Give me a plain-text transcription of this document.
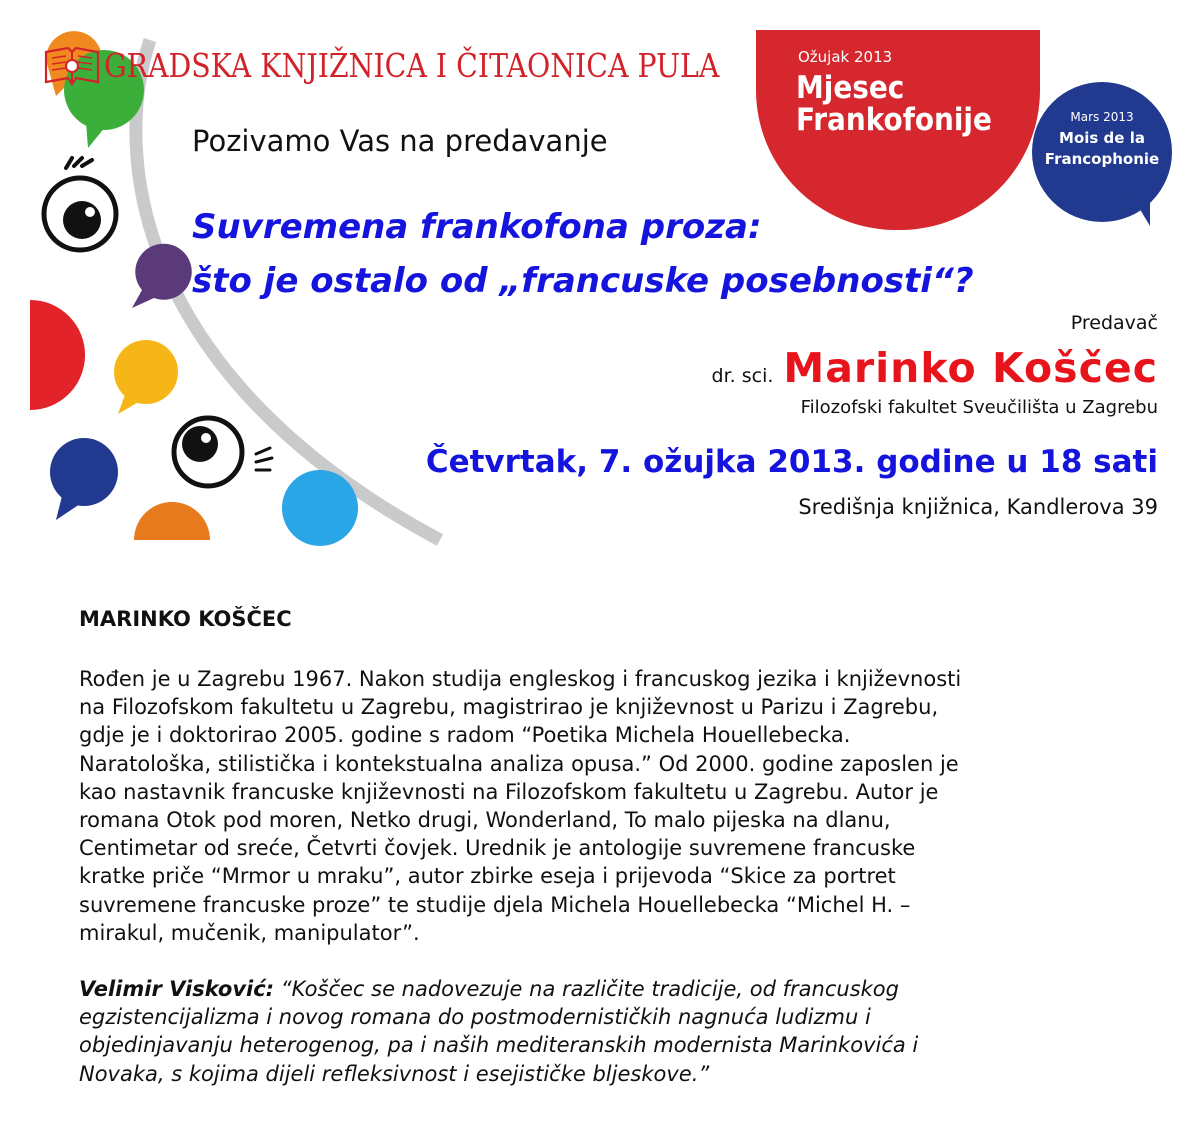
GRADSKA KNJIŽNICA I ČITAONICA PULA	Ožujak 2013
Mjesec
Frankofonije	Mars 2013
Mois de la
Francophonie
Pozivamo Vas na predavanje
Suvremena frankofona proza:
što je ostalo od „francuske posebnosti“?
Predavač
dr. sci. Marinko Koščec
Filozofski fakultet Sveučilišta u Zagrebu
Četvrtak, 7. ožujka 2013. godine u 18 sati
Središnja knjižnica, Kandlerova 39
MARINKO KOŠČEC
Rođen je u Zagrebu 1967. Nakon studija engleskog i francuskog jezika i književnosti
na Filozofskom fakultetu u Zagrebu, magistrirao je književnost u Parizu i Zagrebu,
gdje je i doktorirao 2005. godine s radom “Poetika Michela Houellebecka.
Naratološka, stilistička i kontekstualna analiza opusa.” Od 2000. godine zaposlen je
kao nastavnik francuske književnosti na Filozofskom fakultetu u Zagrebu. Autor je
romana Otok pod moren, Netko drugi, Wonderland, To malo pijeska na dlanu,
Centimetar od sreće, Četvrti čovjek. Urednik je antologije suvremene francuske
kratke priče “Mrmor u mraku”, autor zbirke eseja i prijevoda “Skice za portret
suvremene francuske proze” te studije djela Michela Houellebecka “Michel H. –
mirakul, mučenik, manipulator”.
Velimir Visković: “Koščec se nadovezuje na različite tradicije, od francuskog
egzistencijalizma i novog romana do postmodernističkih nagnuća ludizmu i
objedinjavanju heterogenog, pa i naših mediteranskih modernista Marinkovića i
Novaka, s kojima dijeli refleksivnost i esejističke bljeskove.”
